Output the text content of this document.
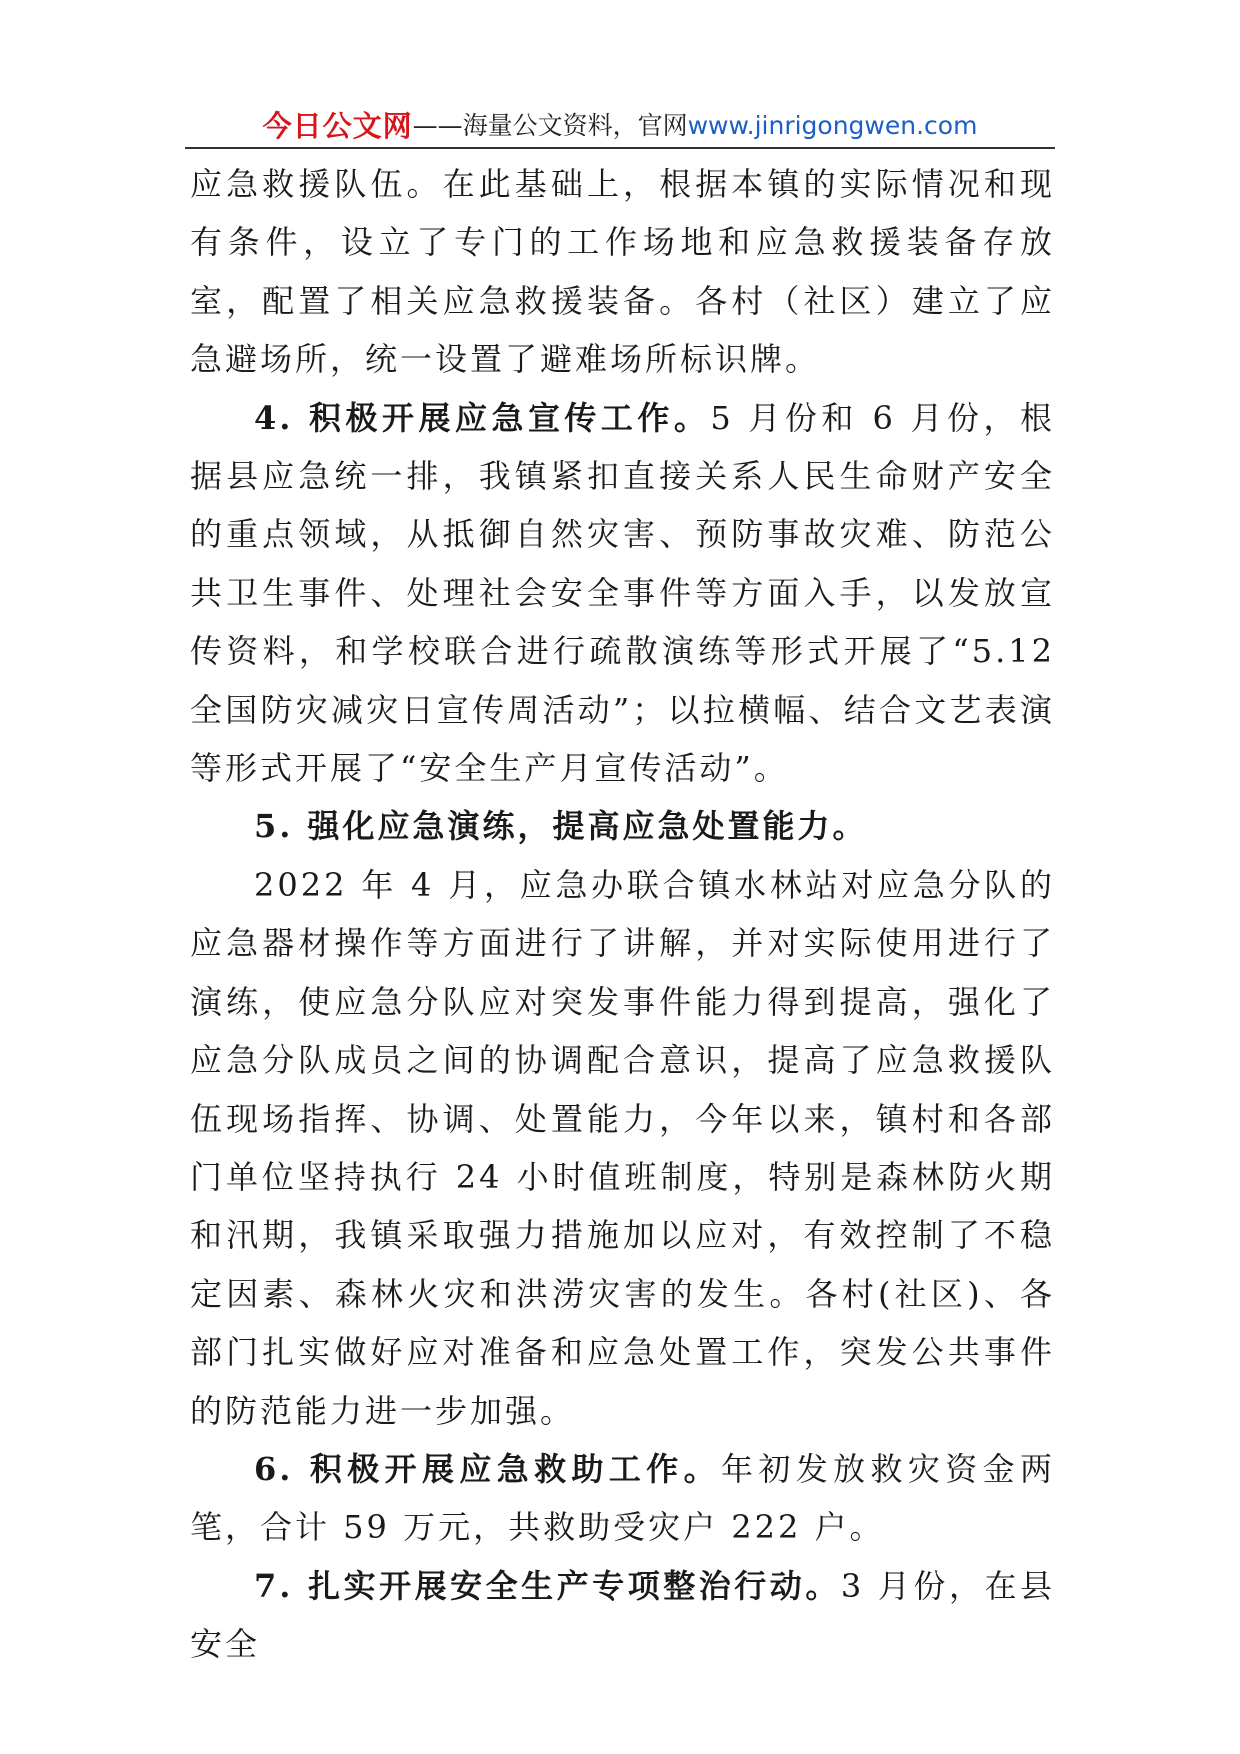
今日公文网 ——海量公文资料，官网 www.jinrigongwen.com

应急救援队伍。在此基础上，根据本镇的实际情况和现有条件，设立了专门的工作场地和应急救援装备存放室，配置了相关应急救援装备。各村（社区）建立了应急避场所，统一设置了避难场所标识牌。

4. 积极开展应急宣传工作。5 月份和 6 月份，根据县应急统一排，我镇紧扣直接关系人民生命财产安全的重点领域，从抵御自然灾害、预防事故灾难、防范公共卫生事件、处理社会安全事件等方面入手，以发放宣传资料，和学校联合进行疏散演练等形式开展了“5.12 全国防灾减灾日宣传周活动”；以拉横幅、结合文艺表演等形式开展了“安全生产月宣传活动”。

5. 强化应急演练，提高应急处置能力。

2022 年 4 月，应急办联合镇水林站对应急分队的应急器材操作等方面进行了讲解，并对实际使用进行了演练，使应急分队应对突发事件能力得到提高，强化了应急分队成员之间的协调配合意识，提高了应急救援队伍现场指挥、协调、处置能力，今年以来，镇村和各部门单位坚持执行 24 小时值班制度，特别是森林防火期和汛期，我镇采取强力措施加以应对，有效控制了不稳定因素、森林火灾和洪涝灾害的发生。各村(社区)、各部门扎实做好应对准备和应急处置工作，突发公共事件的防范能力进一步加强。

6. 积极开展应急救助工作。年初发放救灾资金两笔，合计 59 万元，共救助受灾户 222 户。

7. 扎实开展安全生产专项整治行动。3 月份，在县安全
